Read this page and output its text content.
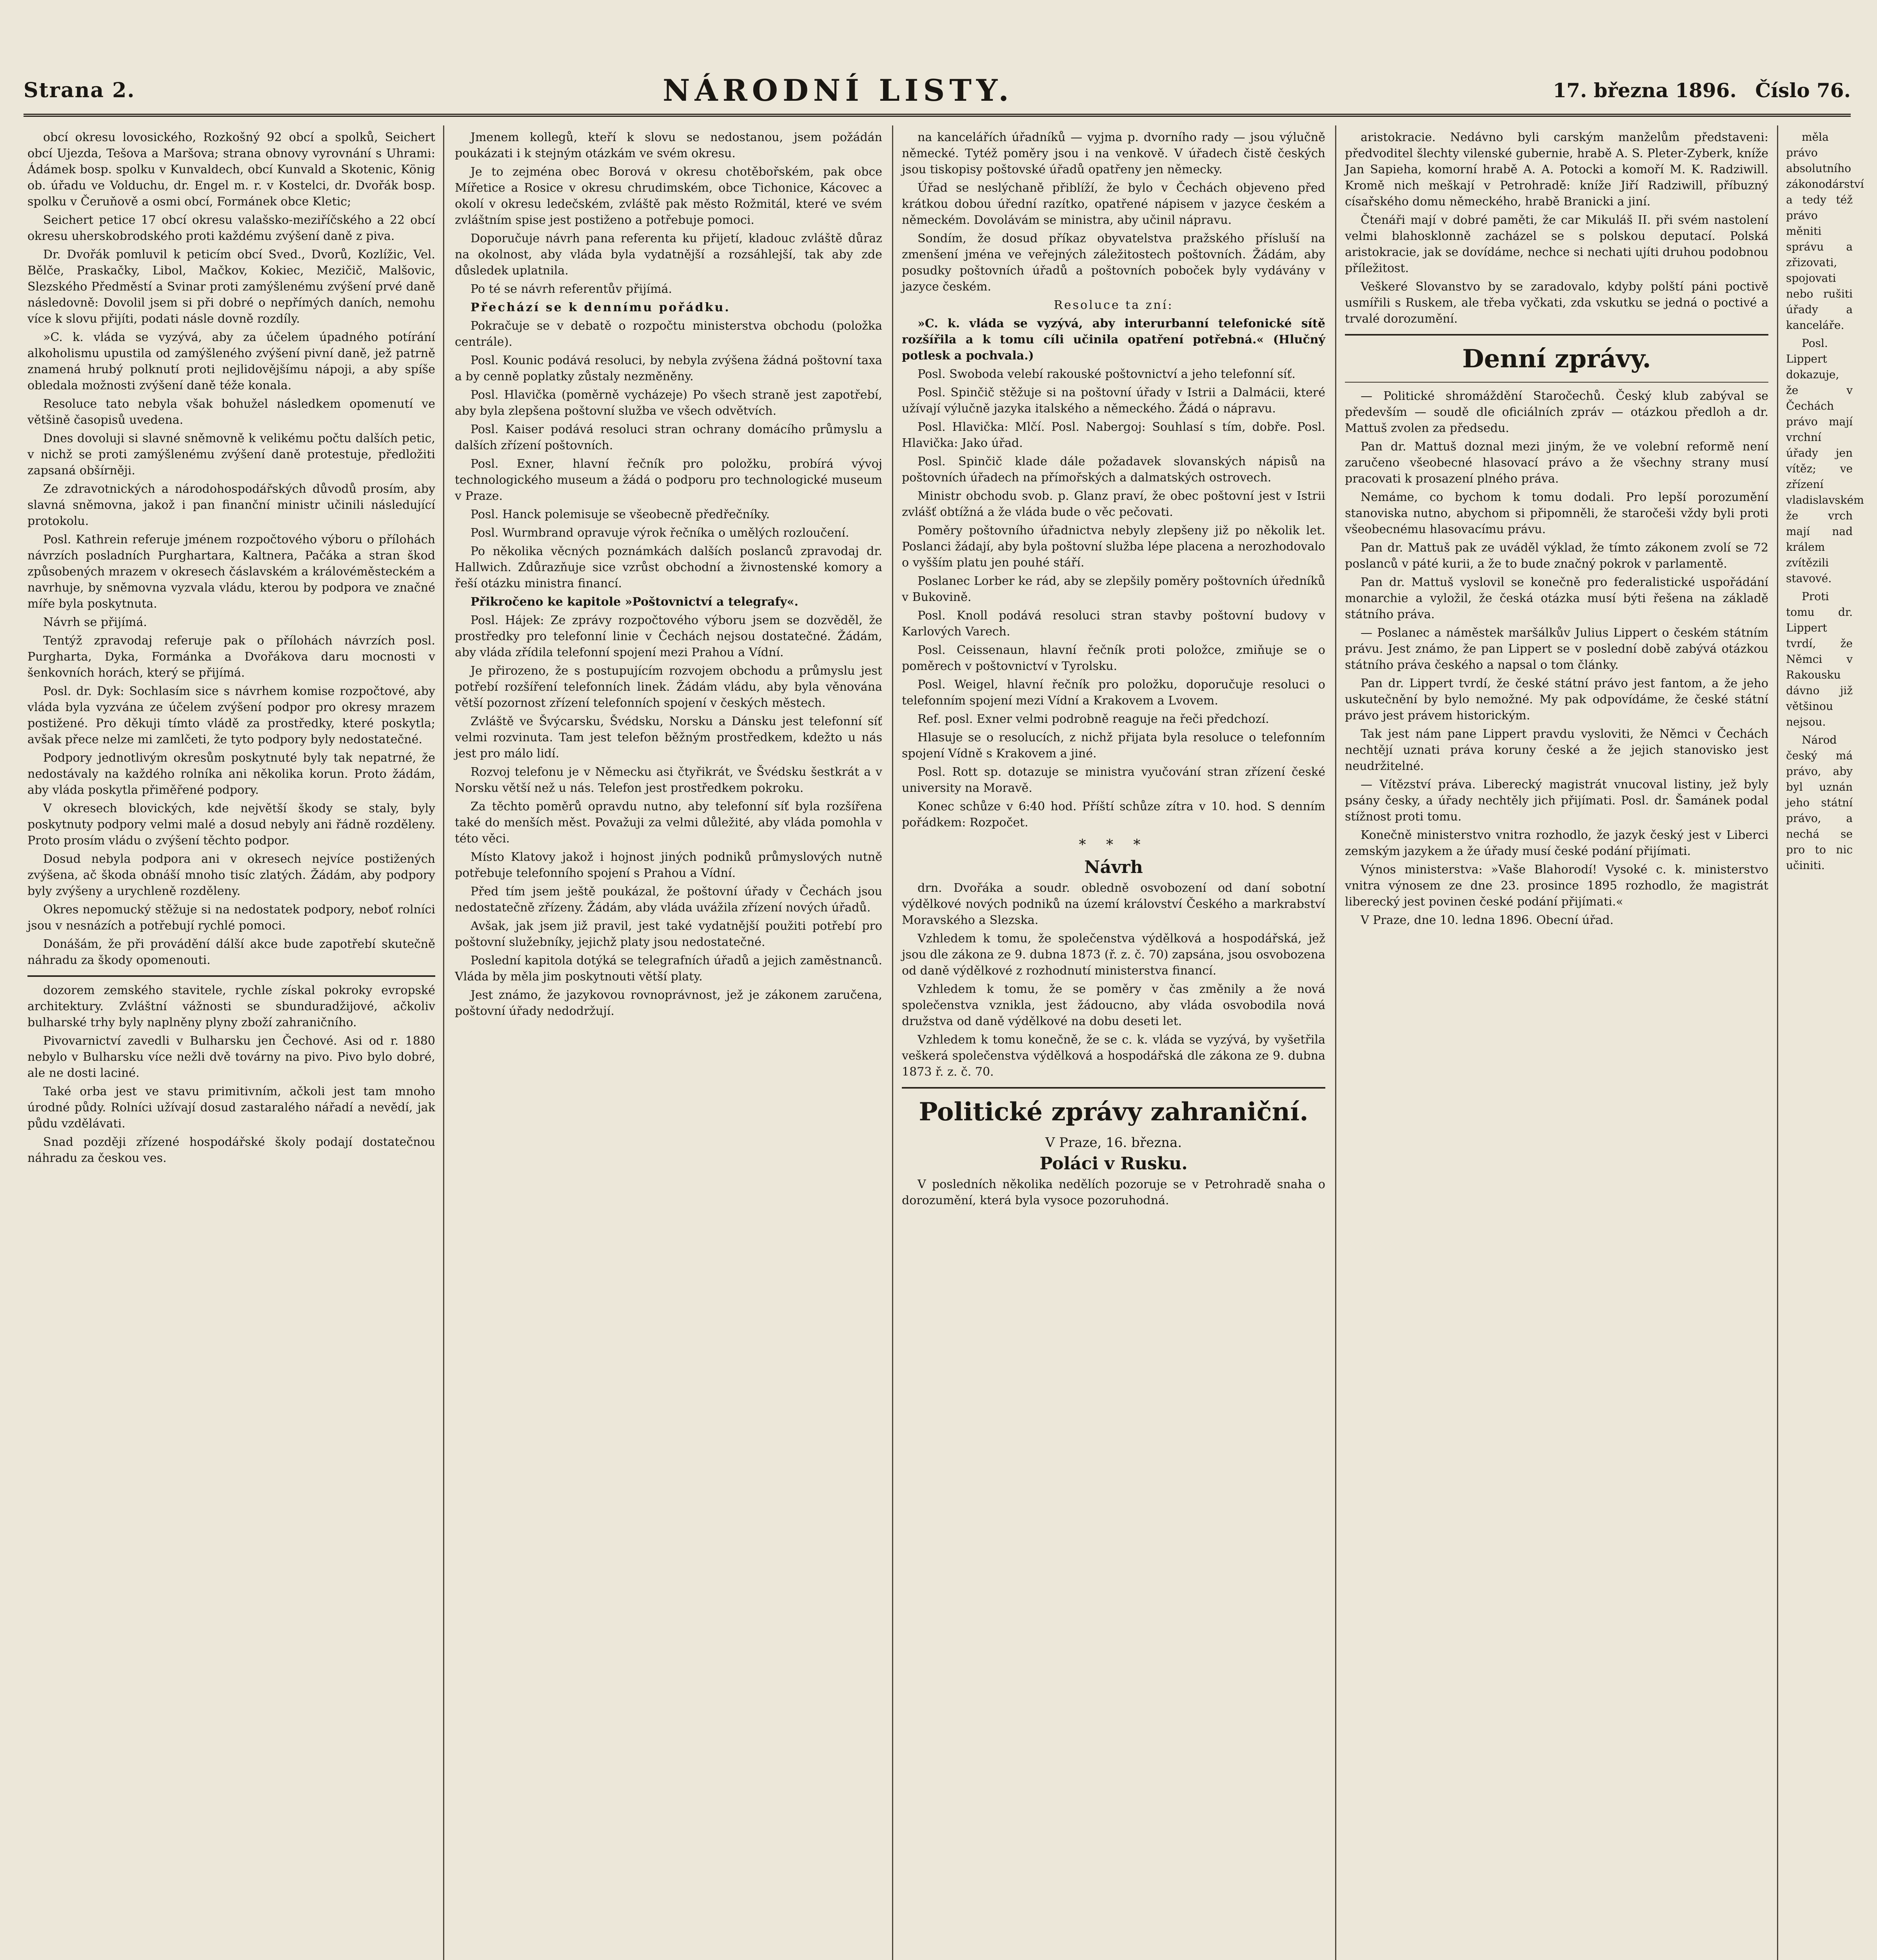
Strana 2.	NÁRODNÍ LISTY.	17. března 1896. Číslo 76.

obcí okresu lovosického, Rozkošný 92 obcí a spolků, Seichert obcí Ujezda, Tešova a Maršova; strana obnovy vyrovnání s Uhrami: Ádámek bosp. spolku v Kunvaldech, obcí Kunvald a Skotenic, König ob. úřadu ve Volduchu, dr. Engel m. r. v Kostelci, dr. Dvořák bosp. spolku v Čeruňově a osmi obcí, Formánek obce Kletic;

Seichert petice 17 obcí okresu valašsko-meziříčského a 22 obcí okresu uherskobrodského proti každému zvýšení daně z piva.

Dr. Dvořák pomluvil k peticím obcí Sved., Dvorů, Kozlížic, Vel. Bělče, Praskačky, Libol, Mačkov, Kokiec, Mezičič, Malšovic, Slezského Předměstí a Svinar proti zamýšlenému zvýšení prvé daně následovně: Dovolil jsem si při dobré o nepřímých daních, nemohu více k slovu přijíti, podati násle dovně rozdíly.

»C. k. vláda se vyzývá, aby za účelem úpadného potírání alkoholismu upustila od zamýšleného zvýšení pivní daně, jež patrně znamená hrubý polknutí proti nejlidovějšímu nápoji, a aby spíše obledala možnosti zvýšení daně téže konala.

Resoluce tato nebyla však bohužel následkem opomenutí ve většině časopisů uvedena.

Dnes dovoluji si slavné sněmovně k velikému počtu dalších petic, v nichž se proti zamýšlenému zvýšení daně protestuje, předložiti zapsaná obšírněji.

Ze zdravotnických a národohospodářských důvodů prosím, aby slavná sněmovna, jakož i pan finanční ministr učinili následující protokolu.

Posl. Kathrein referuje jménem rozpočtového výboru o přílohách návrzích posladních Purghartara, Kaltnera, Pačáka a stran škod způsobených mrazem v okresech čáslavském a královéměsteckém a navrhuje, by sněmovna vyzvala vládu, kterou by podpora ve značné míře byla poskytnuta.

Návrh se přijímá.

Tentýž zpravodaj referuje pak o přílohách návrzích posl. Purgharta, Dyka, Formánka a Dvořákova daru mocnosti v šenkovních horách, který se přijímá.

Posl. dr. Dyk: Sochlasím sice s návrhem komise rozpočtové, aby vláda byla vyzvána ze účelem zvýšení podpor pro okresy mrazem postižené. Pro děkuji tímto vládě za prostředky, které poskytla; avšak přece nelze mi zamlčeti, že tyto podpory byly nedostatečné.

Podpory jednotlivým okresům poskytnuté byly tak nepatrné, že nedostávaly na každého rolníka ani několika korun. Proto žádám, aby vláda poskytla přiměřené podpory.

V okresech blovických, kde největší škody se staly, byly poskytnuty podpory velmi malé a dosud nebyly ani řádně rozděleny. Proto prosím vládu o zvýšení těchto podpor.

Dosud nebyla podpora ani v okresech nejvíce postižených zvýšena, ač škoda obnáší mnoho tisíc zlatých. Žádám, aby podpory byly zvýšeny a urychleně rozděleny.

Okres nepomucký stěžuje si na nedostatek podpory, neboť rolníci jsou v nesnázích a potřebují rychlé pomoci.

Donášám, že při provádění dálší akce bude zapotřebí skutečně náhradu za škody opomenouti.

dozorem zemského stavitele, rychle získal pokroky evropské architektury. Zvláštní vážnosti se sbunduradžijové, ačkoliv bulharské trhy byly naplněny plyny zboží zahraničního.

Pivovarnictví zavedli v Bulharsku jen Čechové. Asi od r. 1880 nebylo v Bulharsku více nežli dvě továrny na pivo. Pivo bylo dobré, ale ne dosti laciné.

Také orba jest ve stavu primitivním, ačkoli jest tam mnoho úrodné půdy. Rolníci užívají dosud zastaralého nářadí a nevědí, jak půdu vzdělávati.

Snad později zřízené hospodářské školy podají dostatečnou náhradu za českou ves.

Jmenem kollegů, kteří k slovu se nedostanou, jsem požádán poukázati i k stejným otázkám ve svém okresu.

Je to zejména obec Borová v okresu chotěbořském, pak obce Mířetice a Rosice v okresu chrudimském, obce Tichonice, Kácovec a okolí v okresu ledečském, zvláště pak město Rožmitál, které ve svém zvláštním spise jest postiženo a potřebuje pomoci.

Doporučuje návrh pana referenta ku přijetí, kladouc zvláště důraz na okolnost, aby vláda byla vydatnější a rozsáhlejší, tak aby zde důsledek uplatnila.

Po té se návrh referentův přijímá.

Přechází se k dennímu pořádku.

Pokračuje se v debatě o rozpočtu ministerstva obchodu (položka centrále).

Posl. Kounic podává resoluci, by nebyla zvýšena žádná poštovní taxa a by cenně poplatky zůstaly nezměněny.

Posl. Hlavička (poměrně vycházeje) Po všech straně jest zapotřebí, aby byla zlepšena poštovní služba ve všech odvětvích.

Posl. Kaiser podává resoluci stran ochrany domácího průmyslu a dalších zřízení poštovních.

Posl. Exner, hlavní řečník pro položku, probírá vývoj technologického museum a žádá o podporu pro technologické museum v Praze.

Posl. Hanck polemisuje se všeobecně předřečníky.

Posl. Wurmbrand opravuje výrok řečníka o umělých rozloučení.

Po několika věcných poznámkách dalších poslanců zpravodaj dr. Hallwich. Zdůrazňuje sice vzrůst obchodní a živnostenské komory a řeší otázku ministra financí.

Přikročeno ke kapitole »Poštovnictví a telegrafy«.

Posl. Hájek: Ze zprávy rozpočtového výboru jsem se dozvěděl, že prostředky pro telefonní linie v Čechách nejsou dostatečné. Žádám, aby vláda zřídila telefonní spojení mezi Prahou a Vídní.

Je přirozeno, že s postupujícím rozvojem obchodu a průmyslu jest potřebí rozšíření telefonních linek. Žádám vládu, aby byla věnována větší pozornost zřízení telefonních spojení v českých městech.

Zvláště ve Švýcarsku, Švédsku, Norsku a Dánsku jest telefonní síť velmi rozvinuta. Tam jest telefon běžným prostředkem, kdežto u nás jest pro málo lidí.

Rozvoj telefonu je v Německu asi čtyřikrát, ve Švédsku šestkrát a v Norsku větší než u nás. Telefon jest prostředkem pokroku.

Za těchto poměrů opravdu nutno, aby telefonní síť byla rozšířena také do menších měst. Považuji za velmi důležité, aby vláda pomohla v této věci.

Místo Klatovy jakož i hojnost jiných podniků průmyslových nutně potřebuje telefonního spojení s Prahou a Vídní.

Před tím jsem ještě poukázal, že poštovní úřady v Čechách jsou nedostatečně zřízeny. Žádám, aby vláda uvážila zřízení nových úřadů.

Avšak, jak jsem již pravil, jest také vydatnější použiti potřebí pro poštovní služebníky, jejichž platy jsou nedostatečné.

Poslední kapitola dotýká se telegrafních úřadů a jejich zaměstnanců. Vláda by měla jim poskytnouti větší platy.

Jest známo, že jazykovou rovnoprávnost, jež je zákonem zaručena, poštovní úřady nedodržují.

na kancelářích úřadníků — vyjma p. dvorního rady — jsou výlučně německé. Tytéž poměry jsou i na venkově. V úřadech čistě českých jsou tiskopisy poštovské úřadů opatřeny jen německy.

Úřad se neslýchaně přiblíží, že bylo v Čechách objeveno před krátkou dobou úřední razítko, opatřené nápisem v jazyce českém a německém. Dovolávám se ministra, aby učinil nápravu.

Sondím, že dosud příkaz obyvatelstva pražského přísluší na zmenšení jména ve veřejných záležitostech poštovních. Žádám, aby posudky poštovních úřadů a poštovních poboček byly vydávány v jazyce českém.

Resoluce ta zní:

»C. k. vláda se vyzývá, aby interurbanní telefonické sítě rozšířila a k tomu cíli učinila opatření potřebná.« (Hlučný potlesk a pochvala.)

Posl. Swoboda velebí rakouské poštovnictví a jeho telefonní síť.

Posl. Spinčič stěžuje si na poštovní úřady v Istrii a Dalmácii, které užívají výlučně jazyka italského a německého. Žádá o nápravu.

Posl. Hlavička: Mlčí. Posl. Nabergoj: Souhlasí s tím, dobře. Posl. Hlavička: Jako úřad.

Posl. Spinčič klade dále požadavek slovanských nápisů na poštovních úřadech na přímořských a dalmatských ostrovech.

Ministr obchodu svob. p. Glanz praví, že obec poštovní jest v Istrii zvlášť obtížná a že vláda bude o věc pečovati.

Poměry poštovního úřadnictva nebyly zlepšeny již po několik let. Poslanci žádají, aby byla poštovní služba lépe placena a nerozhodovalo o vyšším platu jen pouhé stáří.

Poslanec Lorber ke rád, aby se zlepšily poměry poštovních úředníků v Bukovině.

Posl. Knoll podává resoluci stran stavby poštovní budovy v Karlových Varech.

Posl. Ceissenaun, hlavní řečník proti položce, zmiňuje se o poměrech v poštovnictví v Tyrolsku.

Posl. Weigel, hlavní řečník pro položku, doporučuje resoluci o telefonním spojení mezi Vídní a Krakovem a Lvovem.

Ref. posl. Exner velmi podrobně reaguje na řeči předchozí.

Hlasuje se o resolucích, z nichž přijata byla resoluce o telefonním spojení Vídně s Krakovem a jiné.

Posl. Rott sp. dotazuje se ministra vyučování stran zřízení české university na Moravě.

Konec schůze v 6:40 hod. Příští schůze zítra v 10. hod. S denním pořádkem: Rozpočet.

* * *
Návrh

drn. Dvořáka a soudr. obledně osvobození od daní sobotní výdělkové nových podniků na území království Českého a markrabství Moravského a Slezska.

Vzhledem k tomu, že společenstva výdělková a hospodářská, jež jsou dle zákona ze 9. dubna 1873 (ř. z. č. 70) zapsána, jsou osvobozena od daně výdělkové z rozhodnutí ministerstva financí.

Vzhledem k tomu, že se poměry v čas změnily a že nová společenstva vznikla, jest žádoucno, aby vláda osvobodila nová družstva od daně výdělkové na dobu deseti let.

Vzhledem k tomu konečně, že se c. k. vláda se vyzývá, by vyšetřila veškerá společenstva výdělková a hospodářská dle zákona ze 9. dubna 1873 ř. z. č. 70.

Politické zprávy zahraniční.
V Praze, 16. března.
Poláci v Rusku.

V posledních několika nedělích pozoruje se v Petrohradě snaha o dorozumění, která byla vysoce pozoruhodná.

aristokracie. Nedávno byli carským manželům představeni: předvoditel šlechty vilenské gubernie, hrabě A. S. Pleter-Zyberk, kníže Jan Sapieha, komorní hrabě A. A. Potocki a komoří M. K. Radziwill. Kromě nich meškají v Petrohradě: kníže Jiří Radziwill, příbuzný císařského domu německého, hrabě Branicki a jiní.

Čtenáři mají v dobré paměti, že car Mikuláš II. při svém nastolení velmi blahosklonně zacházel se s polskou deputací. Polská aristokracie, jak se dovídáme, nechce si nechati ujíti druhou podobnou příležitost.

Veškeré Slovanstvo by se zaradovalo, kdyby polští páni poctivě usmířili s Ruskem, ale třeba vyčkati, zda vskutku se jedná o poctivé a trvalé dorozumění.

Denní zprávy.

— Politické shromáždění Staročechů. Český klub zabýval se především — soudě dle oficiálních zpráv — otázkou předloh a dr. Mattuš zvolen za předsedu.

Pan dr. Mattuš doznal mezi jiným, že ve volební reformě není zaručeno všeobecné hlasovací právo a že všechny strany musí pracovati k prosazení plného práva.

Nemáme, co bychom k tomu dodali. Pro lepší porozumění stanoviska nutno, abychom si připomněli, že staročeši vždy byli proti všeobecnému hlasovacímu právu.

Pan dr. Mattuš pak ze uváděl výklad, že tímto zákonem zvolí se 72 poslanců v páté kurii, a že to bude značný pokrok v parlamentě.

Pan dr. Mattuš vyslovil se konečně pro federalistické uspořádání monarchie a vyložil, že česká otázka musí býti řešena na základě státního práva.

— Poslanec a náměstek maršálkův Julius Lippert o českém státním právu. Jest známo, že pan Lippert se v poslední době zabývá otázkou státního práva českého a napsal o tom články.

Pan dr. Lippert tvrdí, že české státní právo jest fantom, a že jeho uskutečnění by bylo nemožné. My pak odpovídáme, že české státní právo jest právem historickým.

Tak jest nám pane Lippert pravdu vysloviti, že Němci v Čechách nechtějí uznati práva koruny české a že jejich stanovisko jest neudržitelné.

— Vítězství práva. Liberecký magistrát vnucoval listiny, jež byly psány česky, a úřady nechtěly jich přijímati. Posl. dr. Šamánek podal stížnost proti tomu.

Konečně ministerstvo vnitra rozhodlo, že jazyk český jest v Liberci zemským jazykem a že úřady musí české podání přijímati.

Výnos ministerstva: »Vaše Blahorodí! Vysoké c. k. ministerstvo vnitra výnosem ze dne 23. prosince 1895 rozhodlo, že magistrát liberecký jest povinen české podání přijímati.«

V Praze, dne 10. ledna 1896. Obecní úřad.

měla právo absolutního zákonodárství a tedy též právo měniti správu a zřizovati, spojovati nebo rušiti úřady a kanceláře.

Posl. Lippert dokazuje, že v Čechách právo mají vrchní úřady jen vítěz; ve zřízení vladislavském že vrch mají nad králem zvítězili stavové.

Proti tomu dr. Lippert tvrdí, že Němci v Rakousku dávno již většinou nejsou.

Národ český má právo, aby byl uznán jeho státní právo, a nechá se pro to nic učiniti.
